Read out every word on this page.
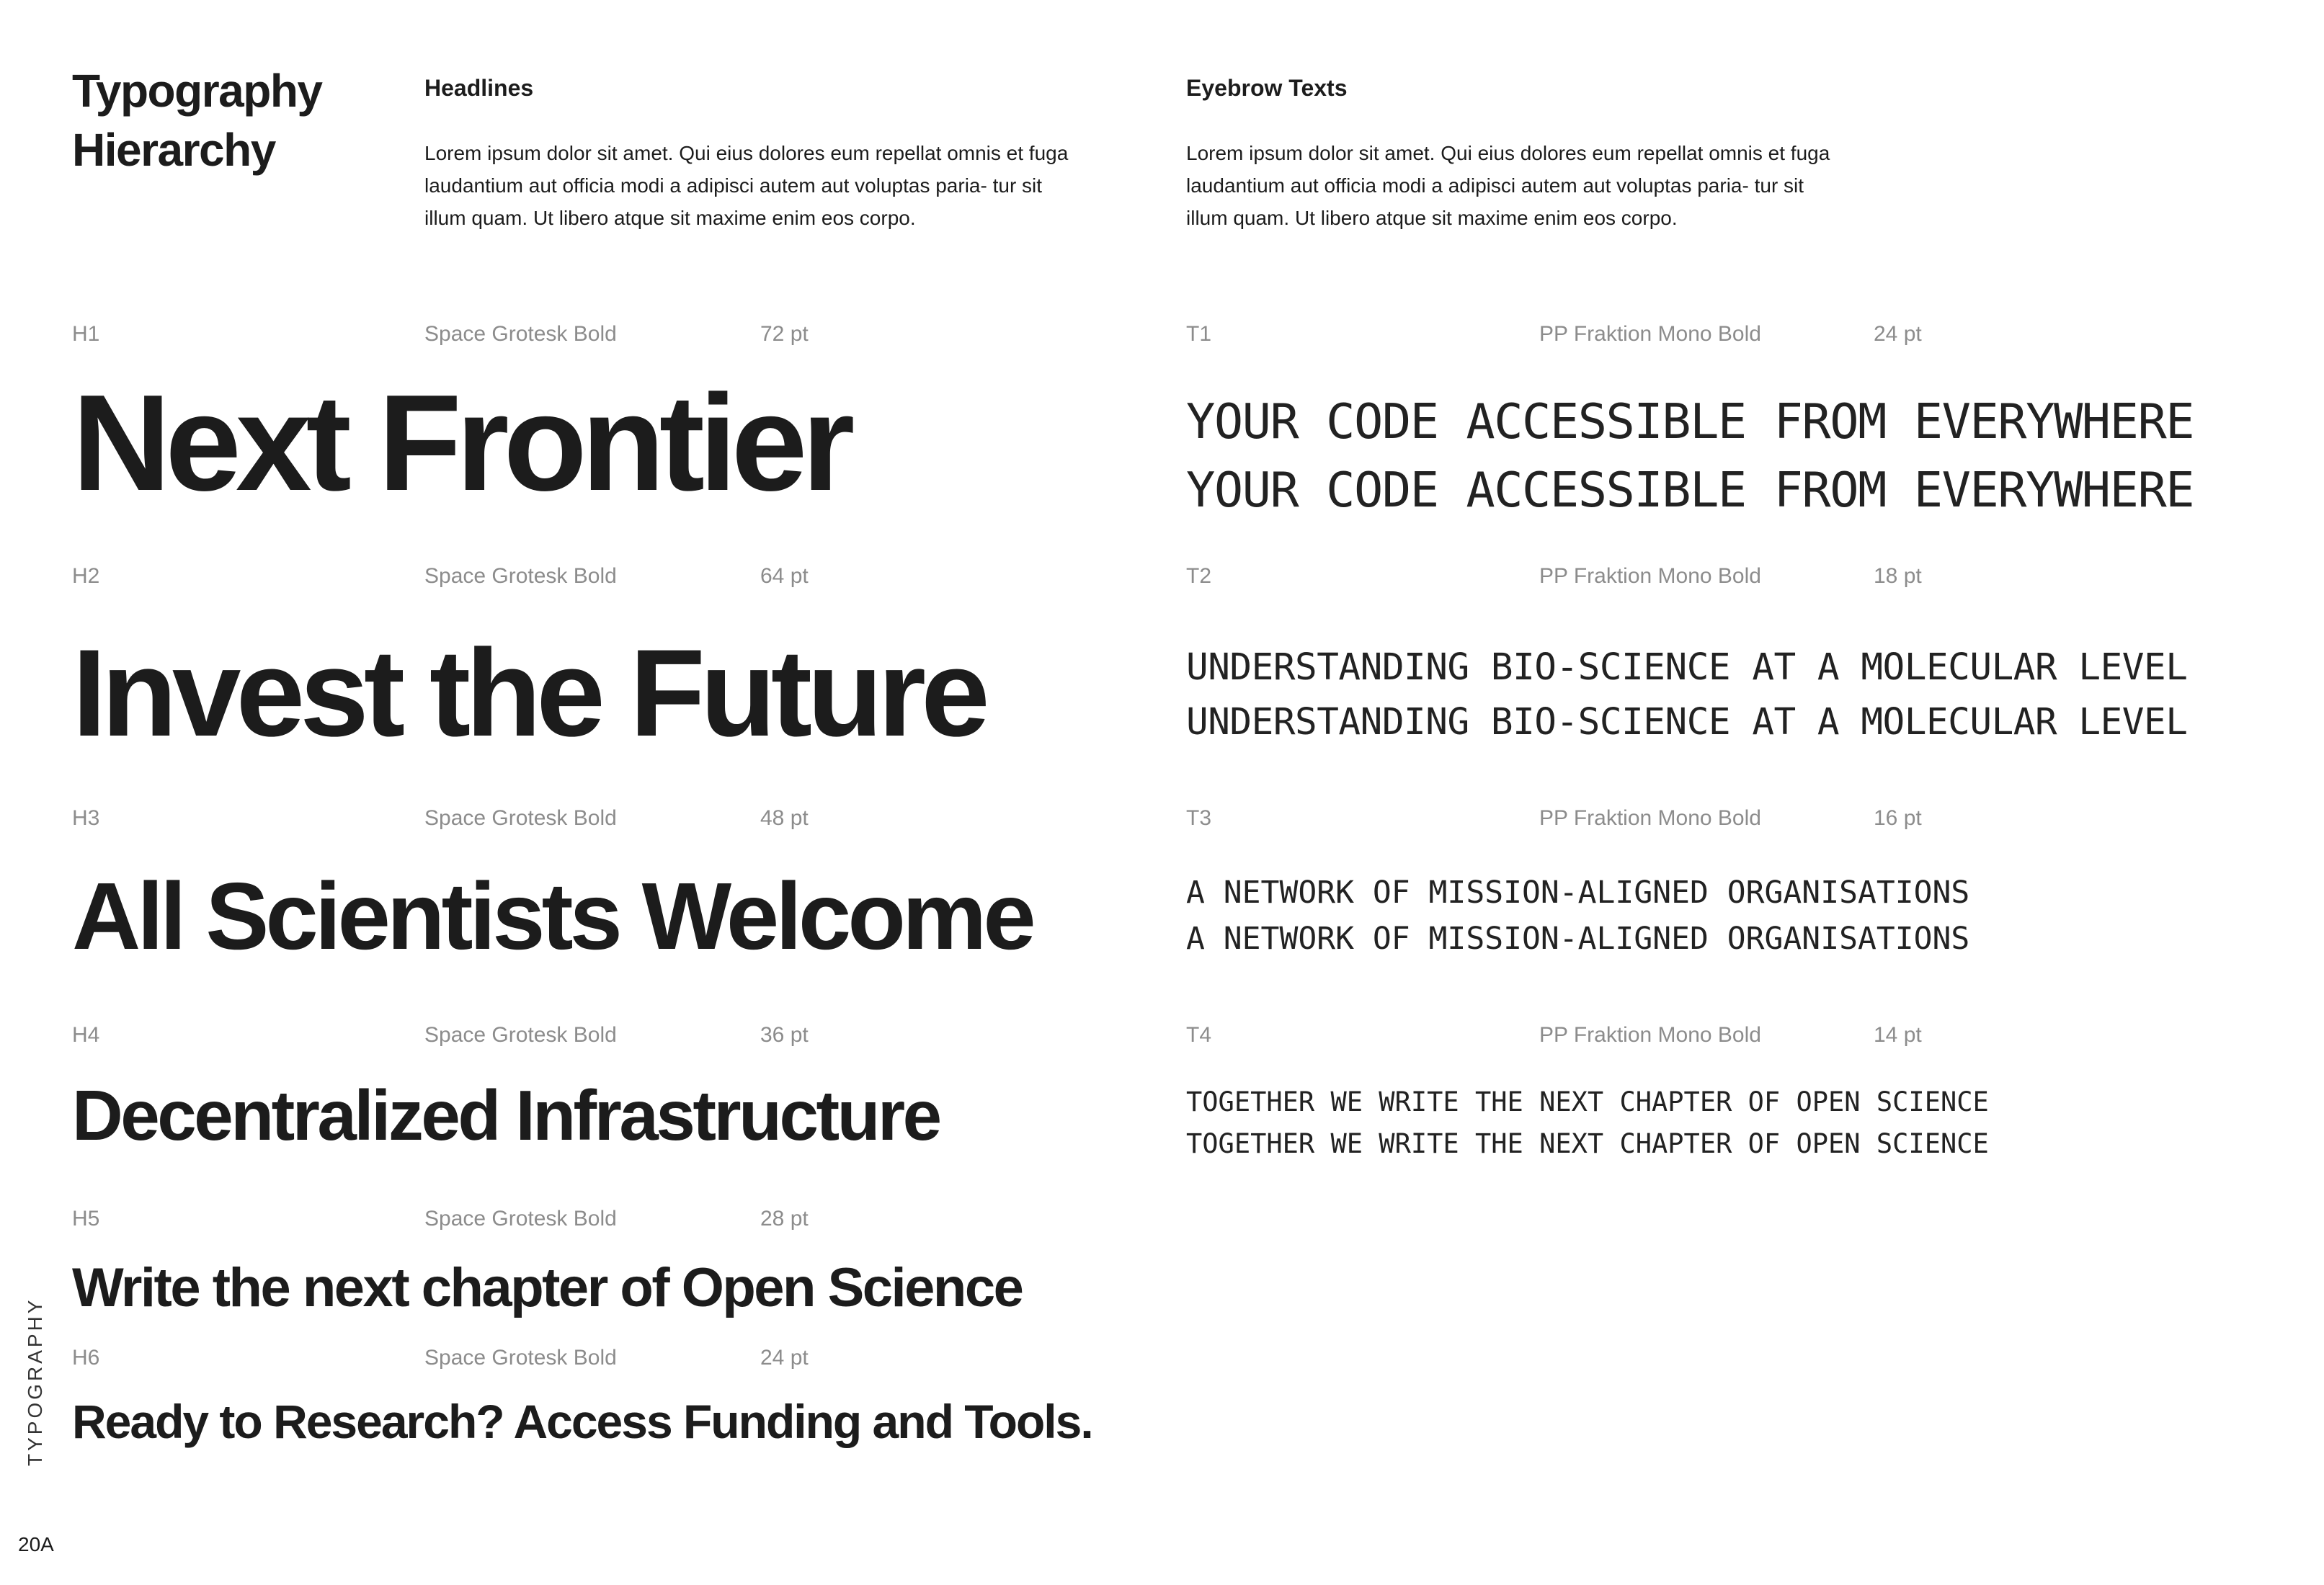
Typography
Hierarchy
Headlines
Lorem ipsum dolor sit amet. Qui eius dolores eum repellat omnis et fuga laudantium aut officia modi a adipisci autem aut voluptas paria- tur sit illum quam. Ut libero atque sit maxime enim eos corpo.
Eyebrow Texts
Lorem ipsum dolor sit amet. Qui eius dolores eum repellat omnis et fuga laudantium aut officia modi a adipisci autem aut voluptas paria- tur sit illum quam. Ut libero atque sit maxime enim eos corpo.
H1	Space Grotesk Bold	72 pt
Next Frontier
H2	Space Grotesk Bold	64 pt
Invest the Future
H3	Space Grotesk Bold	48 pt
All Scientists Welcome
H4	Space Grotesk Bold	36 pt
Decentralized Infrastructure
H5	Space Grotesk Bold	28 pt
Write the next chapter of Open Science
H6	Space Grotesk Bold	24 pt
Ready to Research? Access Funding and Tools.
T1	PP Fraktion Mono Bold	24 pt
YOUR CODE ACCESSIBLE FROM EVERYWHERE
YOUR CODE ACCESSIBLE FROM EVERYWHERE
T2	PP Fraktion Mono Bold	18 pt
UNDERSTANDING BIO-SCIENCE AT A MOLECULAR LEVEL
UNDERSTANDING BIO-SCIENCE AT A MOLECULAR LEVEL
T3	PP Fraktion Mono Bold	16 pt
A NETWORK OF MISSION-ALIGNED ORGANISATIONS
A NETWORK OF MISSION-ALIGNED ORGANISATIONS
T4	PP Fraktion Mono Bold	14 pt
TOGETHER WE WRITE THE NEXT CHAPTER OF OPEN SCIENCE
TOGETHER WE WRITE THE NEXT CHAPTER OF OPEN SCIENCE
TYPOGRAPHY
20A
